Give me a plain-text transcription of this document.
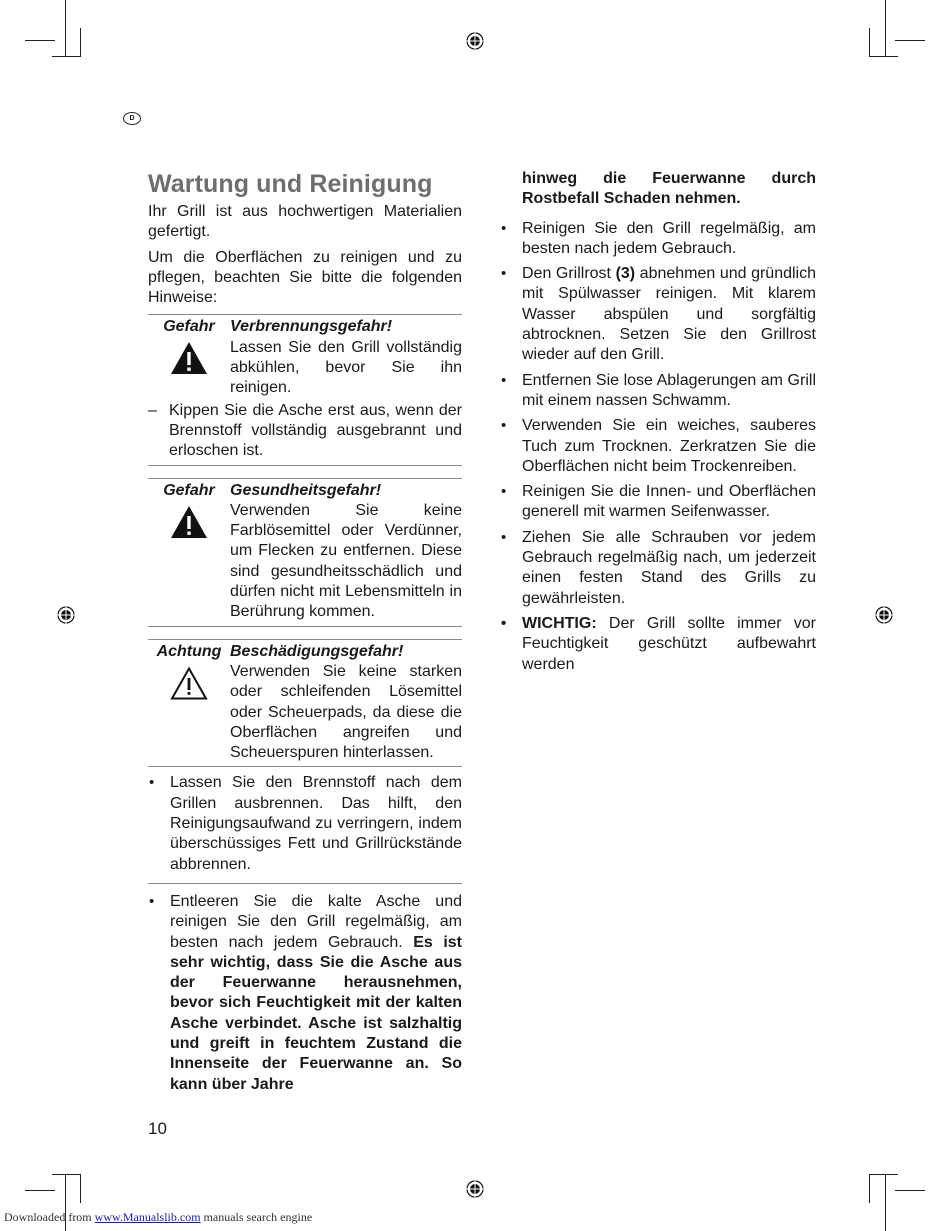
D
Wartung und Reinigung

Ihr Grill ist aus hochwertigen Materialien gefertigt.

Um die Oberflächen zu reinigen und zu pflegen, beachten Sie bitte die folgenden Hinweise:

Gefahr Verbrennungsgefahr!
Lassen Sie den Grill vollständig abkühlen, bevor Sie ihn reinigen.
– Kippen Sie die Asche erst aus, wenn der Brennstoff vollständig ausgebrannt und erloschen ist.
Gefahr Gesundheitsgefahr!
Verwenden Sie keine Farblösemittel oder Verdünner, um Flecken zu entfernen. Diese sind gesundheitsschädlich und dürfen nicht mit Lebensmitteln in Berührung kommen.
Achtung Beschädigungsgefahr!
Verwenden Sie keine starken oder schleifenden Lösemittel oder Scheuerpads, da diese die Oberflächen angreifen und Scheuerspuren hinterlassen.
• Lassen Sie den Brennstoff nach dem Grillen ausbrennen. Das hilft, den Reinigungsaufwand zu verringern, indem überschüssiges Fett und Grillrückstände abbrennen.
• Entleeren Sie die kalte Asche und reinigen Sie den Grill regelmäßig, am besten nach jedem Gebrauch. Es ist sehr wichtig, dass Sie die Asche aus der Feuerwanne herausnehmen, bevor sich Feuchtigkeit mit der kalten Asche verbindet. Asche ist salzhaltig und greift in feuchtem Zustand die Innenseite der Feuerwanne an. So kann über Jahre
hinweg die Feuerwanne durch Rostbefall Schaden nehmen.
• Reinigen Sie den Grill regelmäßig, am besten nach jedem Gebrauch.
• Den Grillrost (3) abnehmen und gründlich mit Spülwasser reinigen. Mit klarem Wasser abspülen und sorgfältig abtrocknen. Setzen Sie den Grillrost wieder auf den Grill.
• Entfernen Sie lose Ablagerungen am Grill mit einem nassen Schwamm.
• Verwenden Sie ein weiches, sauberes Tuch zum Trocknen. Zerkratzen Sie die Oberflächen nicht beim Trockenreiben.
• Reinigen Sie die Innen- und Oberflächen generell mit warmen Seifenwasser.
• Ziehen Sie alle Schrauben vor jedem Gebrauch regelmäßig nach, um jederzeit einen festen Stand des Grills zu gewährleisten.
• WICHTIG: Der Grill sollte immer vor Feuchtigkeit geschützt aufbewahrt werden
10
Downloaded from www.Manualslib.com manuals search engine
